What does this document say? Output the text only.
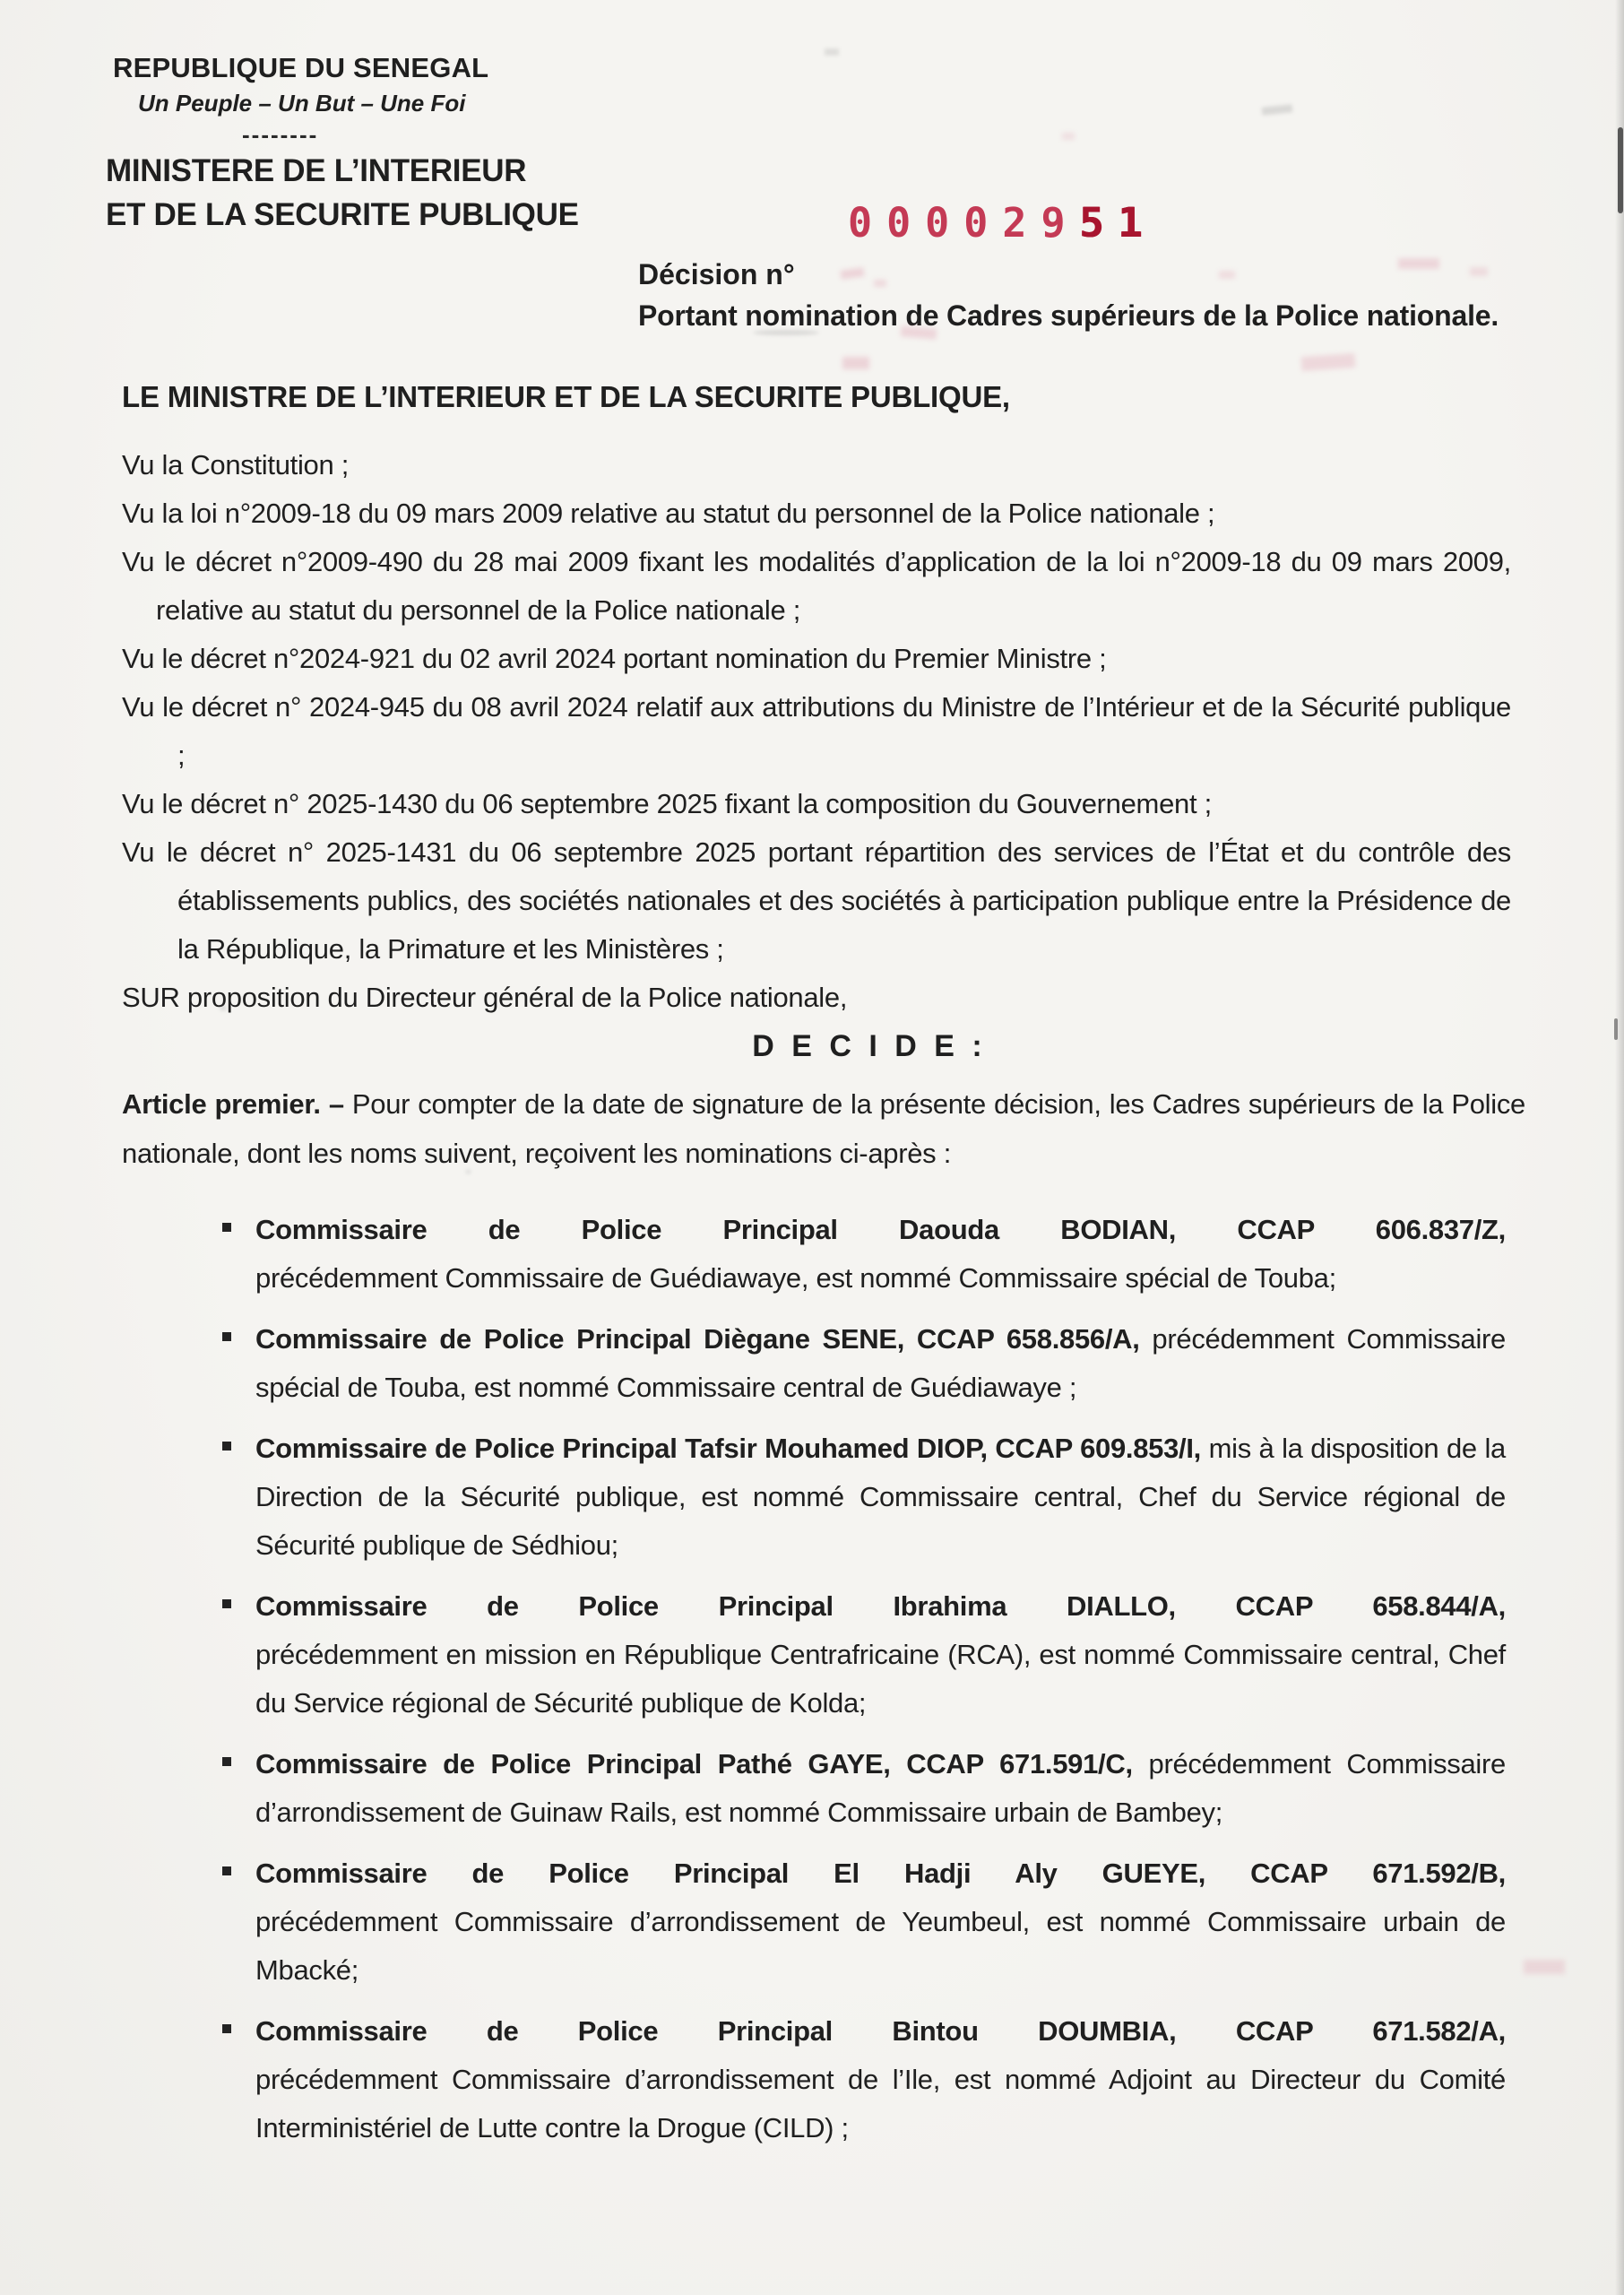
REPUBLIQUE DU SENEGAL
Un Peuple – Un But – Une Foi
--------
MINISTERE DE L’INTERIEUR
ET DE LA SECURITE PUBLIQUE	00002951
Décision n°
Portant nomination de Cadres supérieurs de la Police nationale.
LE MINISTRE DE L’INTERIEUR ET DE LA SECURITE PUBLIQUE,

Vu la Constitution ;

Vu la loi n°2009-18 du 09 mars 2009 relative au statut du personnel de la Police nationale ;

Vu le décret n°2009-490 du 28 mai 2009 fixant les modalités d’application de la loi n°2009-18 du 09 mars 2009, relative au statut du personnel de la Police nationale ;

Vu le décret n°2024-921 du 02 avril 2024 portant nomination du Premier Ministre ;

Vu le décret n° 2024-945 du 08 avril 2024 relatif aux attributions du Ministre de l’Intérieur et de la Sécurité publique ;

Vu le décret n° 2025-1430 du 06 septembre 2025 fixant la composition du Gouvernement ;

Vu le décret n° 2025-1431 du 06 septembre 2025 portant répartition des services de l’État et du contrôle des établissements publics, des sociétés nationales et des sociétés à participation publique entre la Présidence de la République, la Primature et les Ministères ;

SUR proposition du Directeur général de la Police nationale,

D E C I D E :

Article premier. – Pour compter de la date de signature de la présente décision, les Cadres supérieurs de la Police nationale, dont les noms suivent, reçoivent les nominations ci-après :

Commissaire de Police Principal Daouda BODIAN, CCAP 606.837/Z,
précédemment Commissaire de Guédiawaye, est nommé Commissaire spécial de Touba;
Commissaire de Police Principal Diègane SENE, CCAP 658.856/A, précédemment Commissaire spécial de Touba, est nommé Commissaire central de Guédiawaye ;
Commissaire de Police Principal Tafsir Mouhamed DIOP, CCAP 609.853/I, mis à la disposition de la Direction de la Sécurité publique, est nommé Commissaire central, Chef du Service régional de Sécurité publique de Sédhiou;
Commissaire de Police Principal Ibrahima DIALLO, CCAP 658.844/A,
précédemment en mission en République Centrafricaine (RCA), est nommé Commissaire central, Chef du Service régional de Sécurité publique de Kolda;
Commissaire de Police Principal Pathé GAYE, CCAP 671.591/C, précédemment Commissaire d’arrondissement de Guinaw Rails, est nommé Commissaire urbain de Bambey;
Commissaire de Police Principal El Hadji Aly GUEYE, CCAP 671.592/B,
précédemment Commissaire d’arrondissement de Yeumbeul, est nommé Commissaire urbain de Mbacké;
Commissaire de Police Principal Bintou DOUMBIA, CCAP 671.582/A,
précédemment Commissaire d’arrondissement de l’Ile, est nommé Adjoint au Directeur du Comité Interministériel de Lutte contre la Drogue (CILD) ;
